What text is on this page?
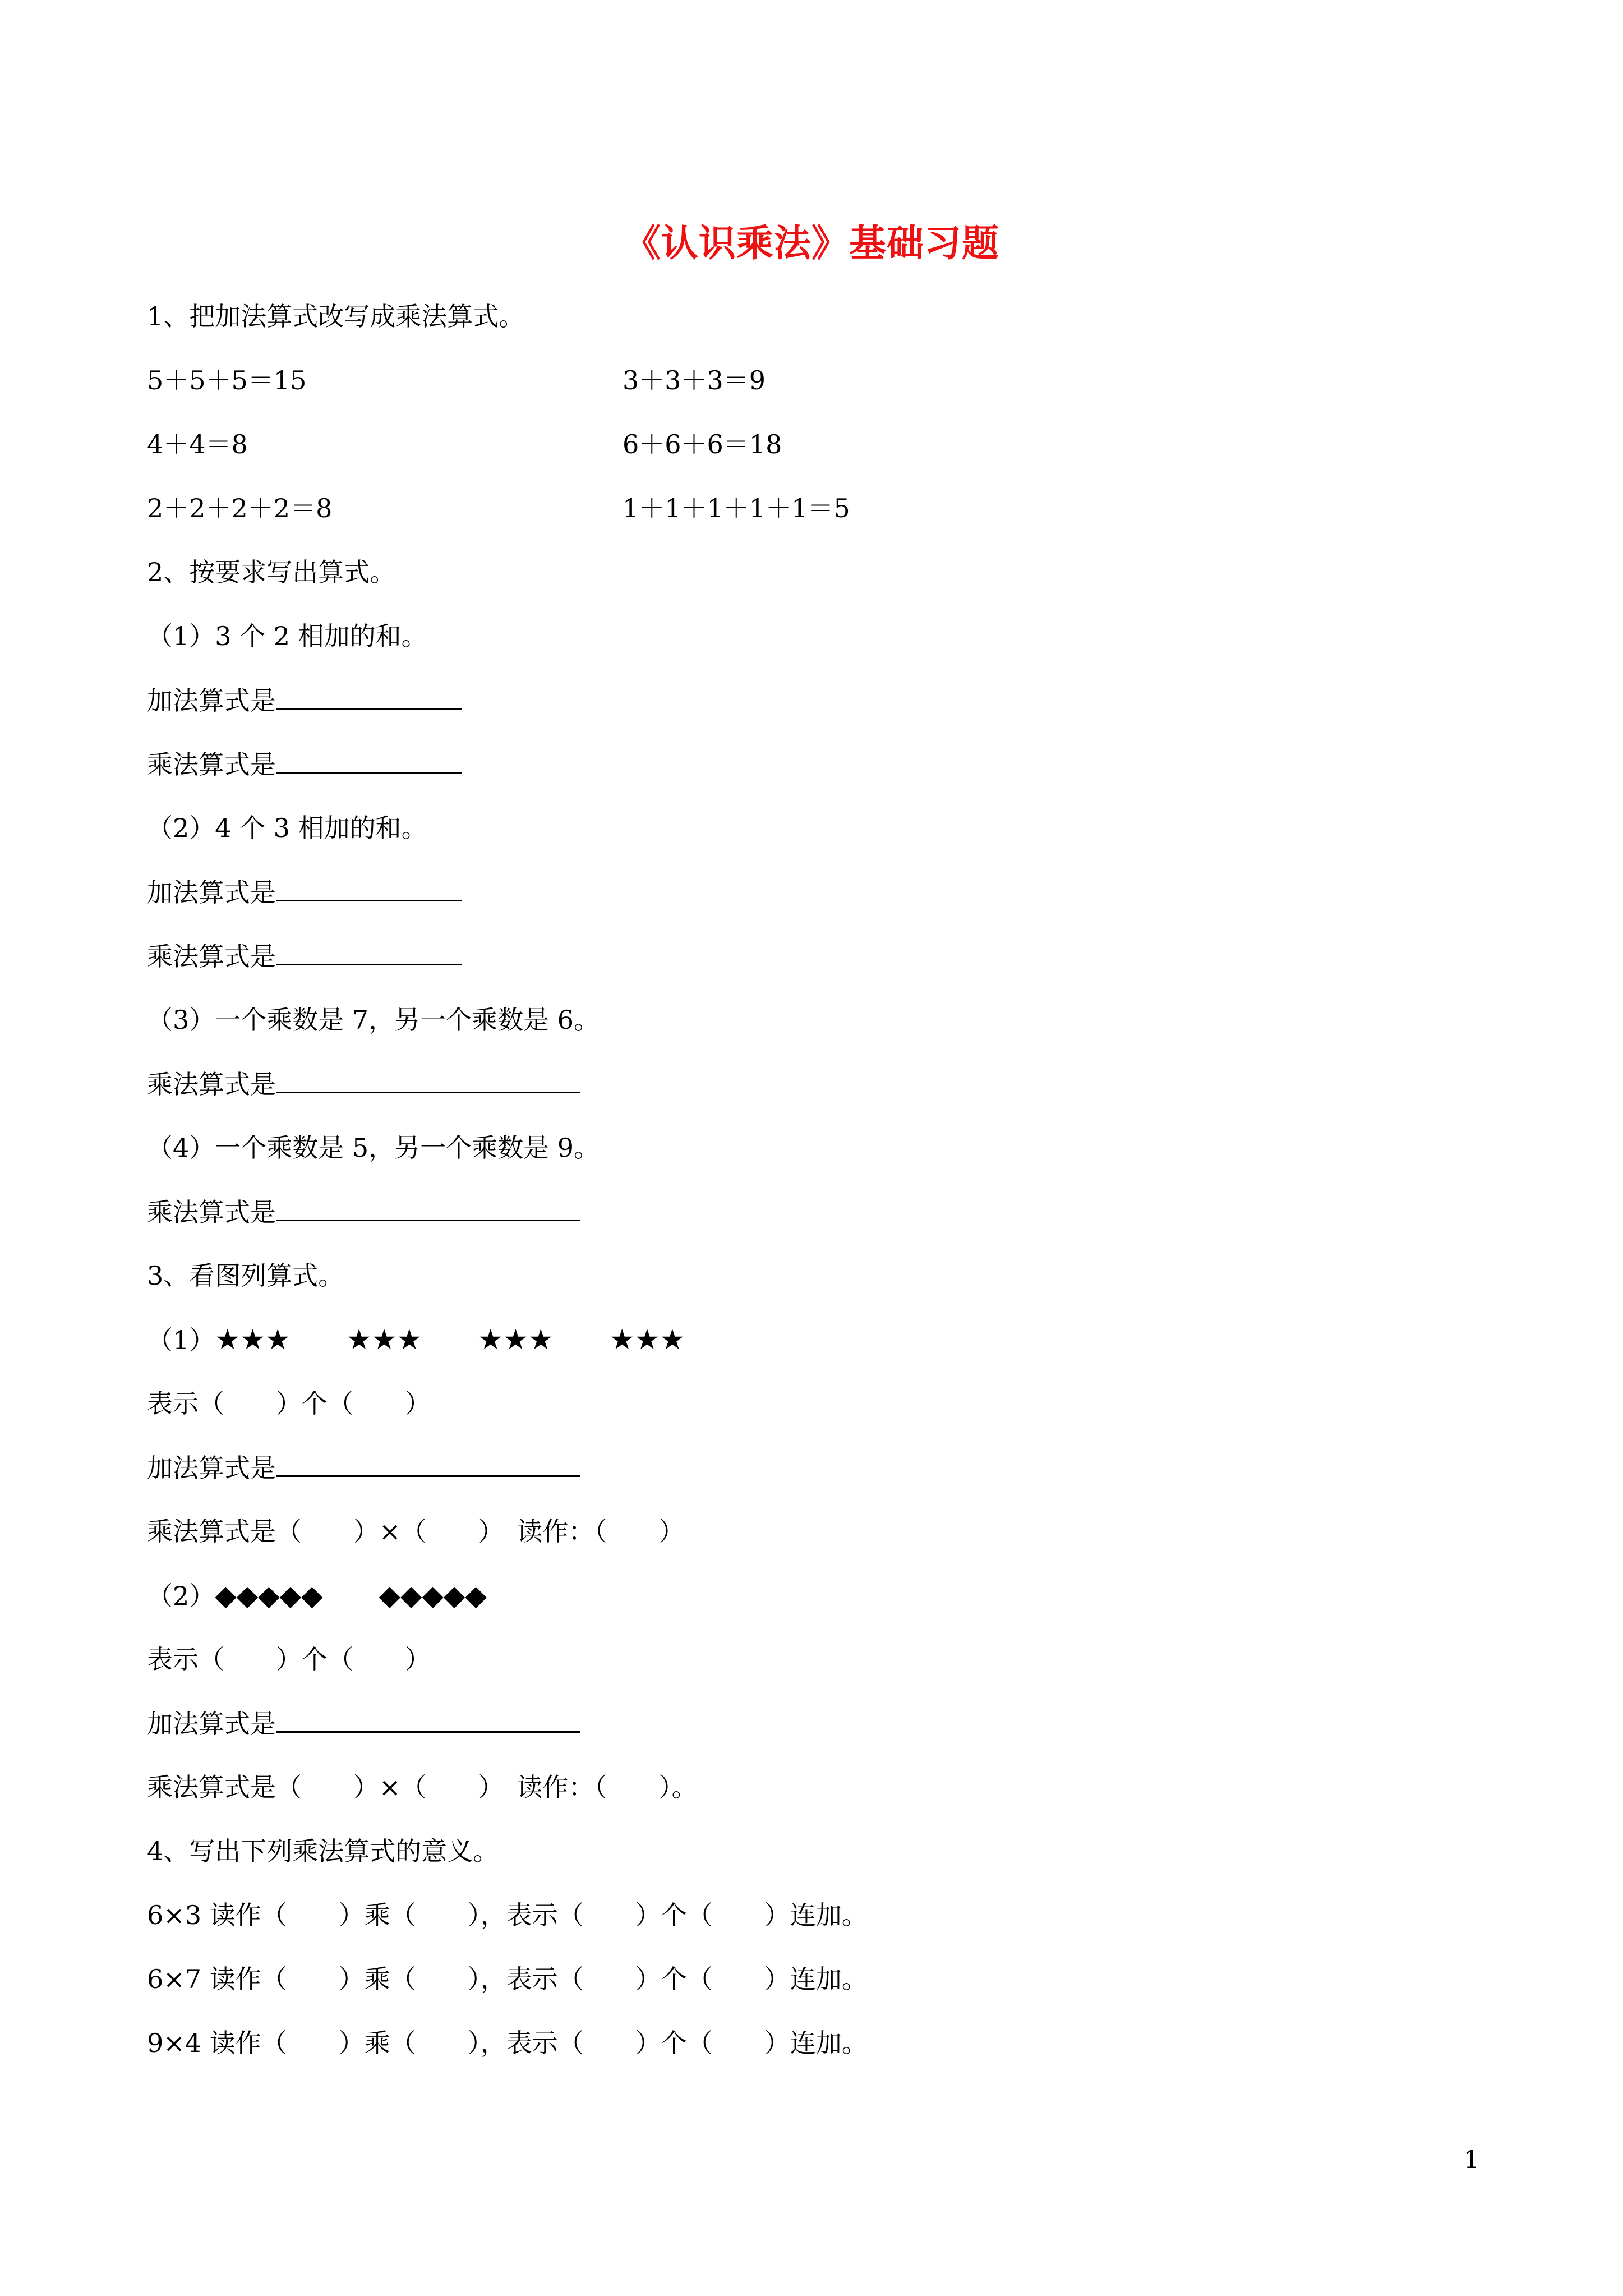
《认识乘法》基础习题
1、把加法算式改写成乘法算式。
5＋5＋5＝15	3＋3＋3＝9
4＋4＝8	6＋6＋6＝18
2＋2＋2＋2＝8	1＋1＋1＋1＋1＝5
2、按要求写出算式。
（1）3 个 2 相加的和。
加法算式是
乘法算式是
（2）4 个 3 相加的和。
加法算式是
乘法算式是
（3）一个乘数是 7，另一个乘数是 6。
乘法算式是
（4）一个乘数是 5，另一个乘数是 9。
乘法算式是
3、看图列算式。
（1）★★★　　★★★　　★★★　　★★★
表示（　　）个（　　）
加法算式是
乘法算式是（　　）×（　　）　读作：（　　）
（2）◆◆◆◆◆　　◆◆◆◆◆
表示（　　）个（　　）
加法算式是
乘法算式是（　　）×（　　）　读作：（　　）。
4、写出下列乘法算式的意义。
6×3 读作（　　）乘（　　），表示（　　）个（　　）连加。
6×7 读作（　　）乘（　　），表示（　　）个（　　）连加。
9×4 读作（　　）乘（　　），表示（　　）个（　　）连加。
1
